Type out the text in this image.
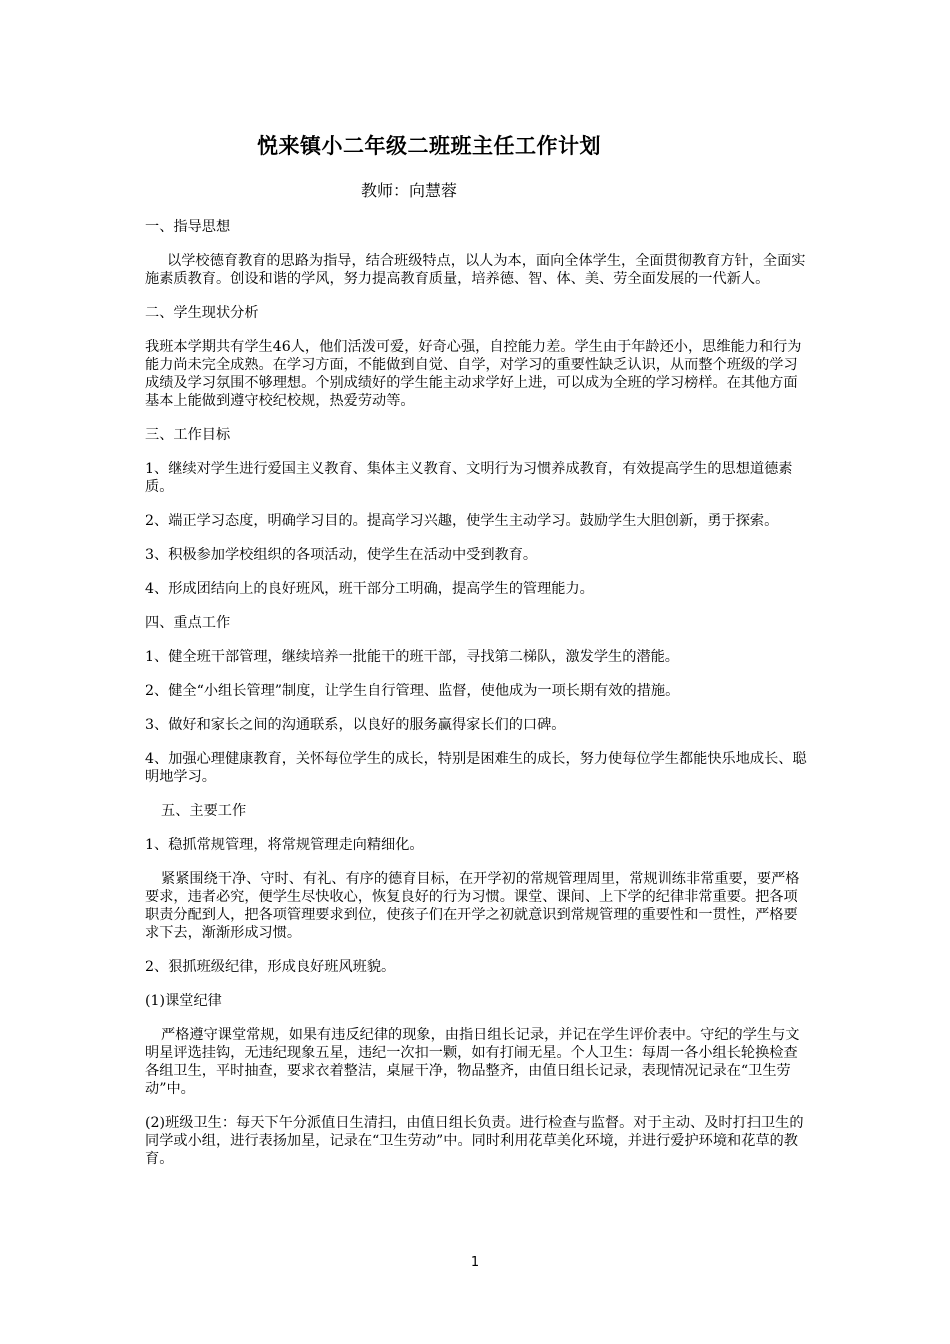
悦来镇小二年级二班班主任工作计划
教师：向慧蓉

一、指导思想

以学校德育教育的思路为指导，结合班级特点，以人为本，面向全体学生，全面贯彻教育方针，全面实施素质教育。创设和谐的学风，努力提高教育质量，培养德、智、体、美、劳全面发展的一代新人。

二、学生现状分析

我班本学期共有学生46人，他们活泼可爱，好奇心强，自控能力差。学生由于年龄还小，思维能力和行为能力尚未完全成熟。在学习方面，不能做到自觉、自学，对学习的重要性缺乏认识，从而整个班级的学习成绩及学习氛围不够理想。个别成绩好的学生能主动求学好上进，可以成为全班的学习榜样。在其他方面基本上能做到遵守校纪校规，热爱劳动等。

三、工作目标

1、继续对学生进行爱国主义教育、集体主义教育、文明行为习惯养成教育，有效提高学生的思想道德素质。

2、端正学习态度，明确学习目的。提高学习兴趣，使学生主动学习。鼓励学生大胆创新，勇于探索。

3、积极参加学校组织的各项活动，使学生在活动中受到教育。

4、形成团结向上的良好班风，班干部分工明确，提高学生的管理能力。

四、重点工作

1、健全班干部管理，继续培养一批能干的班干部，寻找第二梯队，激发学生的潜能。

2、健全“小组长管理”制度，让学生自行管理、监督，使他成为一项长期有效的措施。

3、做好和家长之间的沟通联系，以良好的服务赢得家长们的口碑。

4、加强心理健康教育，关怀每位学生的成长，特别是困难生的成长，努力使每位学生都能快乐地成长、聪明地学习。

五、主要工作

1、稳抓常规管理，将常规管理走向精细化。

紧紧围绕干净、守时、有礼、有序的德育目标，在开学初的常规管理周里，常规训练非常重要，要严格要求，违者必究，便学生尽快收心，恢复良好的行为习惯。课堂、课间、上下学的纪律非常重要。把各项职责分配到人，把各项管理要求到位，使孩子们在开学之初就意识到常规管理的重要性和一贯性，严格要求下去，渐渐形成习惯。

2、狠抓班级纪律，形成良好班风班貌。

(1)课堂纪律

严格遵守课堂常规，如果有违反纪律的现象，由指日组长记录，并记在学生评价表中。守纪的学生与文明星评选挂钩，无违纪现象五星，违纪一次扣一颗，如有打闹无星。个人卫生：每周一各小组长轮换检查各组卫生，平时抽查，要求衣着整洁，桌屉干净，物品整齐，由值日组长记录，表现情况记录在“卫生劳动”中。

(2)班级卫生：每天下午分派值日生清扫，由值日组长负责。进行检查与监督。对于主动、及时打扫卫生的同学或小组，进行表扬加星，记录在“卫生劳动”中。同时利用花草美化环境，并进行爱护环境和花草的教育。

1
